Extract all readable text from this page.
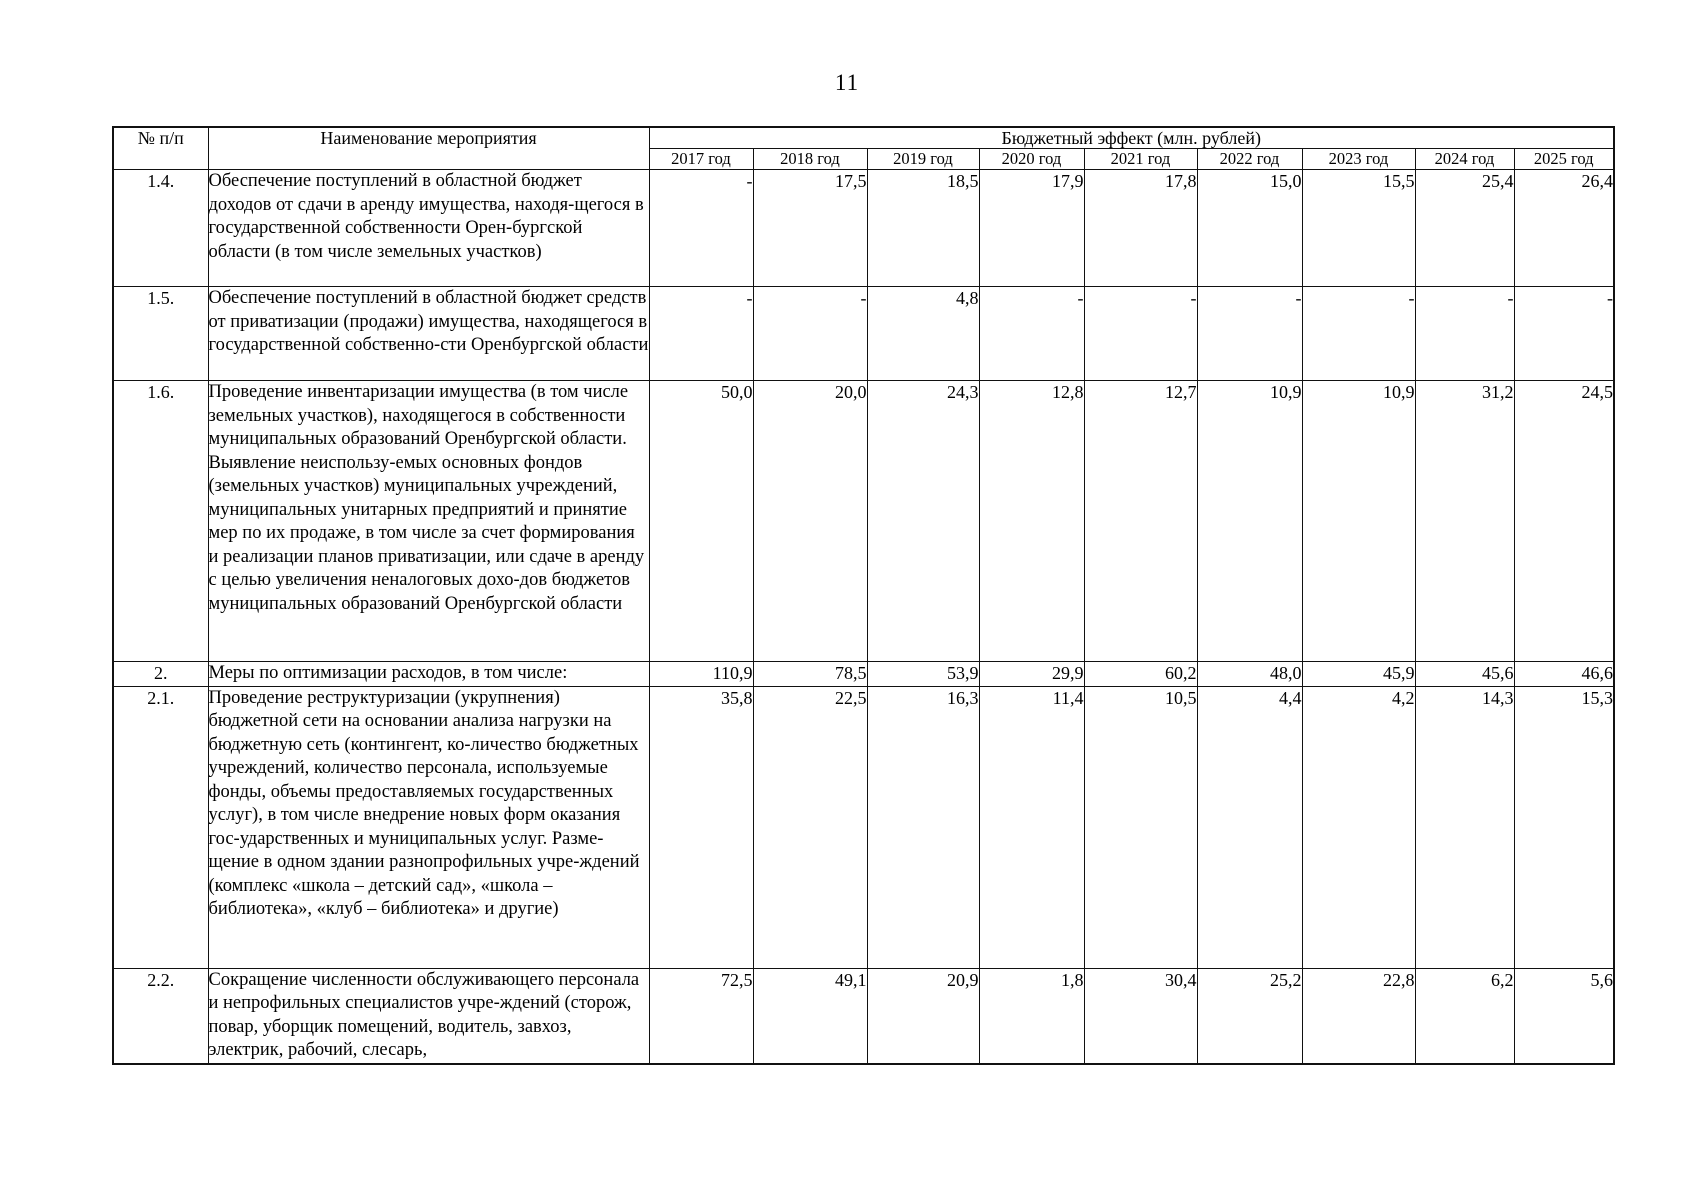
11
№ п/п	Наименование мероприятия	Бюджетный эффект (млн. рублей)								
		2017 год	2018 год	2019 год	2020 год	2021 год	2022 год	2023 год	2024 год	2025 год
1.4.	Обеспечение поступлений в областной бюджет доходов от сдачи в аренду имущества, находя-щегося в государственной собственности Орен-бургской области (в том числе земельных участков)	-	17,5	18,5	17,9	17,8	15,0	15,5	25,4	26,4
1.5.	Обеспечение поступлений в областной бюджет средств от приватизации (продажи) имущества, находящегося в государственной собственно-сти Оренбургской области	-	-	4,8	-	-	-	-	-	-
1.6.	Проведение инвентаризации имущества (в том числе земельных участков), находящегося в собственности муниципальных образований Оренбургской области. Выявление неиспользу-емых основных фондов (земельных участков) муниципальных учреждений, муниципальных унитарных предприятий и принятие мер по их продаже, в том числе за счет формирования и реализации планов приватизации, или сдаче в аренду с целью увеличения неналоговых дохо-дов бюджетов муниципальных образований Оренбургской области	50,0	20,0	24,3	12,8	12,7	10,9	10,9	31,2	24,5
2.	Меры по оптимизации расходов, в том числе:	110,9	78,5	53,9	29,9	60,2	48,0	45,9	45,6	46,6
2.1.	Проведение реструктуризации (укрупнения) бюджетной сети на основании анализа нагрузки на бюджетную сеть (контингент, ко-личество бюджетных учреждений, количество персонала, используемые фонды, объемы предоставляемых государственных услуг), в том числе внедрение новых форм оказания гос-ударственных и муниципальных услуг. Разме-щение в одном здании разнопрофильных учре-ждений (комплекс «школа – детский сад», «школа – библиотека», «клуб – библиотека» и другие)	35,8	22,5	16,3	11,4	10,5	4,4	4,2	14,3	15,3
2.2.	Сокращение численности обслуживающего персонала и непрофильных специалистов учре-ждений (сторож, повар, уборщик помещений, водитель, завхоз, электрик, рабочий, слесарь,	72,5	49,1	20,9	1,8	30,4	25,2	22,8	6,2	5,6
